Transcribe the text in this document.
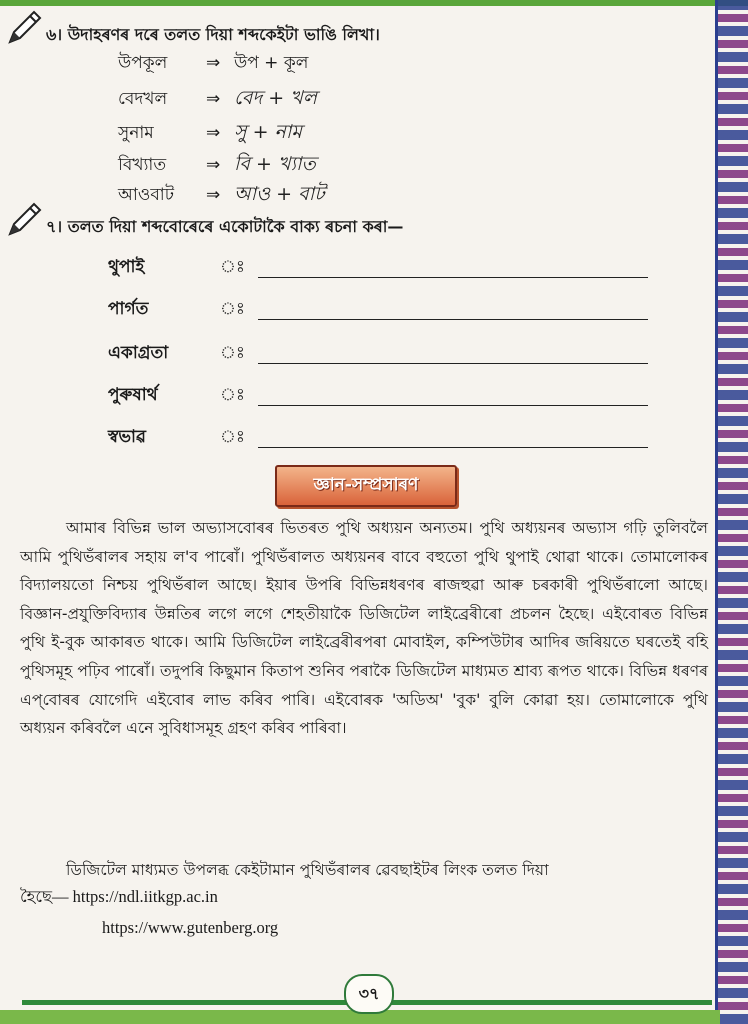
৬। উদাহৰণৰ দৰে তলত দিয়া শব্দকেইটা ভাঙি লিখা।
উপকূল ⇒ উপ + কূল
বেদখল ⇒ বেদ + খল
সুনাম	⇒ সু + নাম
বিখ্যাত ⇒ বি + খ্যাত
আওবাট ⇒ আও + বাট
৭। তলত দিয়া শব্দবোৰেৰে একোটাকৈ বাক্য ৰচনা কৰা—
থুপাই	ঃ
পাৰ্গত	ঃ
একাগ্ৰতা	ঃ
পুৰুষাৰ্থ	ঃ
স্বভাৱ	ঃ
জ্ঞান-সম্প্ৰসাৰণ

আমাৰ বিভিন্ন ভাল অভ্যাসবোৰৰ ভিতৰত পুথি অধ্যয়ন অন্যতম। পুথি অধ্যয়নৰ অভ্যাস গঢ়ি তুলিবলৈ আমি পুথিভঁৰালৰ সহায় ল'ব পাৰোঁ। পুথিভঁৰালত অধ্যয়নৰ বাবে বহুতো পুথি থুপাই থোৱা থাকে। তোমালোকৰ বিদ্যালয়তো নিশ্চয় পুথিভঁৰাল আছে। ইয়াৰ উপৰি বিভিন্নধৰণৰ ৰাজহুৱা আৰু চৰকাৰী পুথিভঁৰালো আছে। বিজ্ঞান-প্ৰযুক্তিবিদ্যাৰ উন্নতিৰ লগে লগে শেহতীয়াকৈ ডিজিটেল লাইব্ৰেৰীৰো প্ৰচলন হৈছে। এইবোৰত বিভিন্ন পুথি ই-বুক আকাৰত থাকে। আমি ডিজিটেল লাইব্ৰেৰীৰপৰা মোবাইল, কম্পিউটাৰ আদিৰ জৰিয়তে ঘৰতেই বহি পুথিসমূহ পঢ়িব পাৰোঁ। তদুপৰি কিছুমান কিতাপ শুনিব পৰাকৈ ডিজিটেল মাধ্যমত শ্ৰাব্য ৰূপত থাকে। বিভিন্ন ধৰণৰ এপ্‌বোৰৰ যোগেদি এইবোৰ লাভ কৰিব পাৰি। এইবোৰক 'অডিঅ' 'বুক' বুলি কোৱা হয়। তোমালোকে পুথি অধ্যয়ন কৰিবলৈ এনে সুবিধাসমূহ গ্ৰহণ কৰিব পাৰিবা।

ডিজিটেল মাধ্যমত উপলব্ধ কেইটামান পুথিভঁৰালৰ ৱেবছাইটৰ লিংক তলত দিয়া

হৈছে— https://ndl.iitkgp.ac.in
https://www.gutenberg.org
৩৭
